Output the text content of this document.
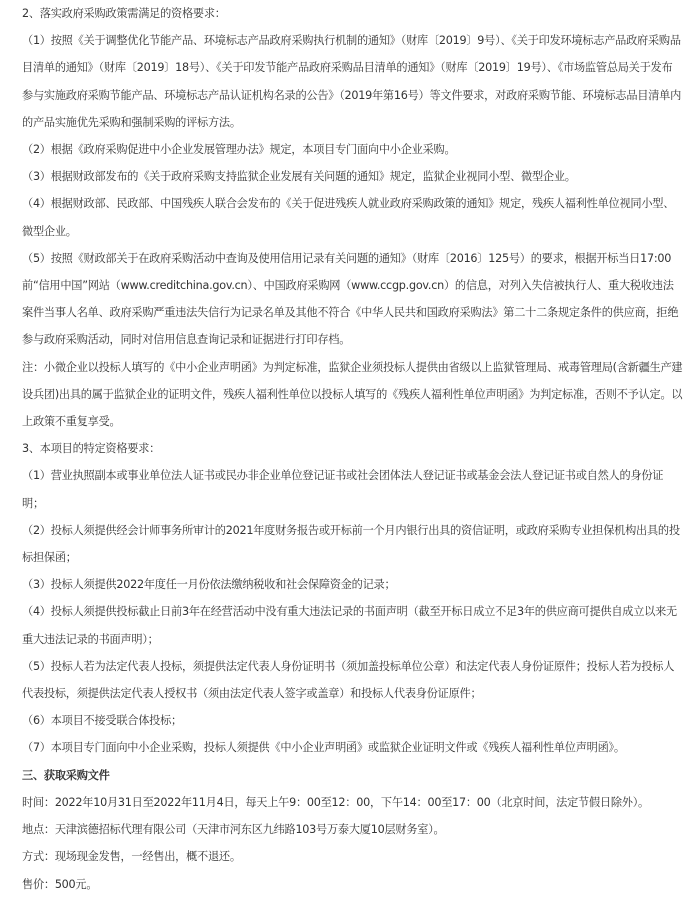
2、落实政府采购政策需满足的资格要求：

（1）按照《关于调整优化节能产品、环境标志产品政府采购执行机制的通知》（财库〔2019〕9号）、《关于印发环境标志产品政府采购品目清单的通知》（财库〔2019〕18号）、《关于印发节能产品政府采购品目清单的通知》（财库〔2019〕19号）、《市场监管总局关于发布参与实施政府采购节能产品、环境标志产品认证机构名录的公告》（2019年第16号）等文件要求，对政府采购节能、环境标志品目清单内的产品实施优先采购和强制采购的评标方法。

（2）根据《政府采购促进中小企业发展管理办法》规定，本项目专门面向中小企业采购。

（3）根据财政部发布的《关于政府采购支持监狱企业发展有关问题的通知》规定，监狱企业视同小型、微型企业。

（4）根据财政部、民政部、中国残疾人联合会发布的《关于促进残疾人就业政府采购政策的通知》规定，残疾人福利性单位视同小型、微型企业。

（5）按照《财政部关于在政府采购活动中查询及使用信用记录有关问题的通知》（财库〔2016〕125号）的要求，根据开标当日17:00前“信用中国”网站（www.creditchina.gov.cn）、中国政府采购网（www.ccgp.gov.cn）的信息，对列入失信被执行人、重大税收违法案件当事人名单、政府采购严重违法失信行为记录名单及其他不符合《中华人民共和国政府采购法》第二十二条规定条件的供应商，拒绝参与政府采购活动，同时对信用信息查询记录和证据进行打印存档。

注：小微企业以投标人填写的《中小企业声明函》为判定标准，监狱企业须投标人提供由省级以上监狱管理局、戒毒管理局(含新疆生产建设兵团)出具的属于监狱企业的证明文件，残疾人福利性单位以投标人填写的《残疾人福利性单位声明函》为判定标准，否则不予认定。以上政策不重复享受。

3、本项目的特定资格要求：

（1）营业执照副本或事业单位法人证书或民办非企业单位登记证书或社会团体法人登记证书或基金会法人登记证书或自然人的身份证明；

（2）投标人须提供经会计师事务所审计的2021年度财务报告或开标前一个月内银行出具的资信证明，或政府采购专业担保机构出具的投标担保函；

（3）投标人须提供2022年度任一月份依法缴纳税收和社会保障资金的记录；

（4）投标人须提供投标截止日前3年在经营活动中没有重大违法记录的书面声明（截至开标日成立不足3年的供应商可提供自成立以来无重大违法记录的书面声明）；

（5）投标人若为法定代表人投标，须提供法定代表人身份证明书（须加盖投标单位公章）和法定代表人身份证原件；投标人若为投标人代表投标，须提供法定代表人授权书（须由法定代表人签字或盖章）和投标人代表身份证原件；

（6）本项目不接受联合体投标；

（7）本项目专门面向中小企业采购，投标人须提供《中小企业声明函》或监狱企业证明文件或《残疾人福利性单位声明函》。

三、获取采购文件

时间：2022年10月31日至2022年11月4日，每天上午9：00至12：00，下午14：00至17：00（北京时间，法定节假日除外）。

地点：天津滨德招标代理有限公司（天津市河东区九纬路103号万泰大厦10层财务室）。

方式：现场现金发售，一经售出，概不退还。

售价：500元。
